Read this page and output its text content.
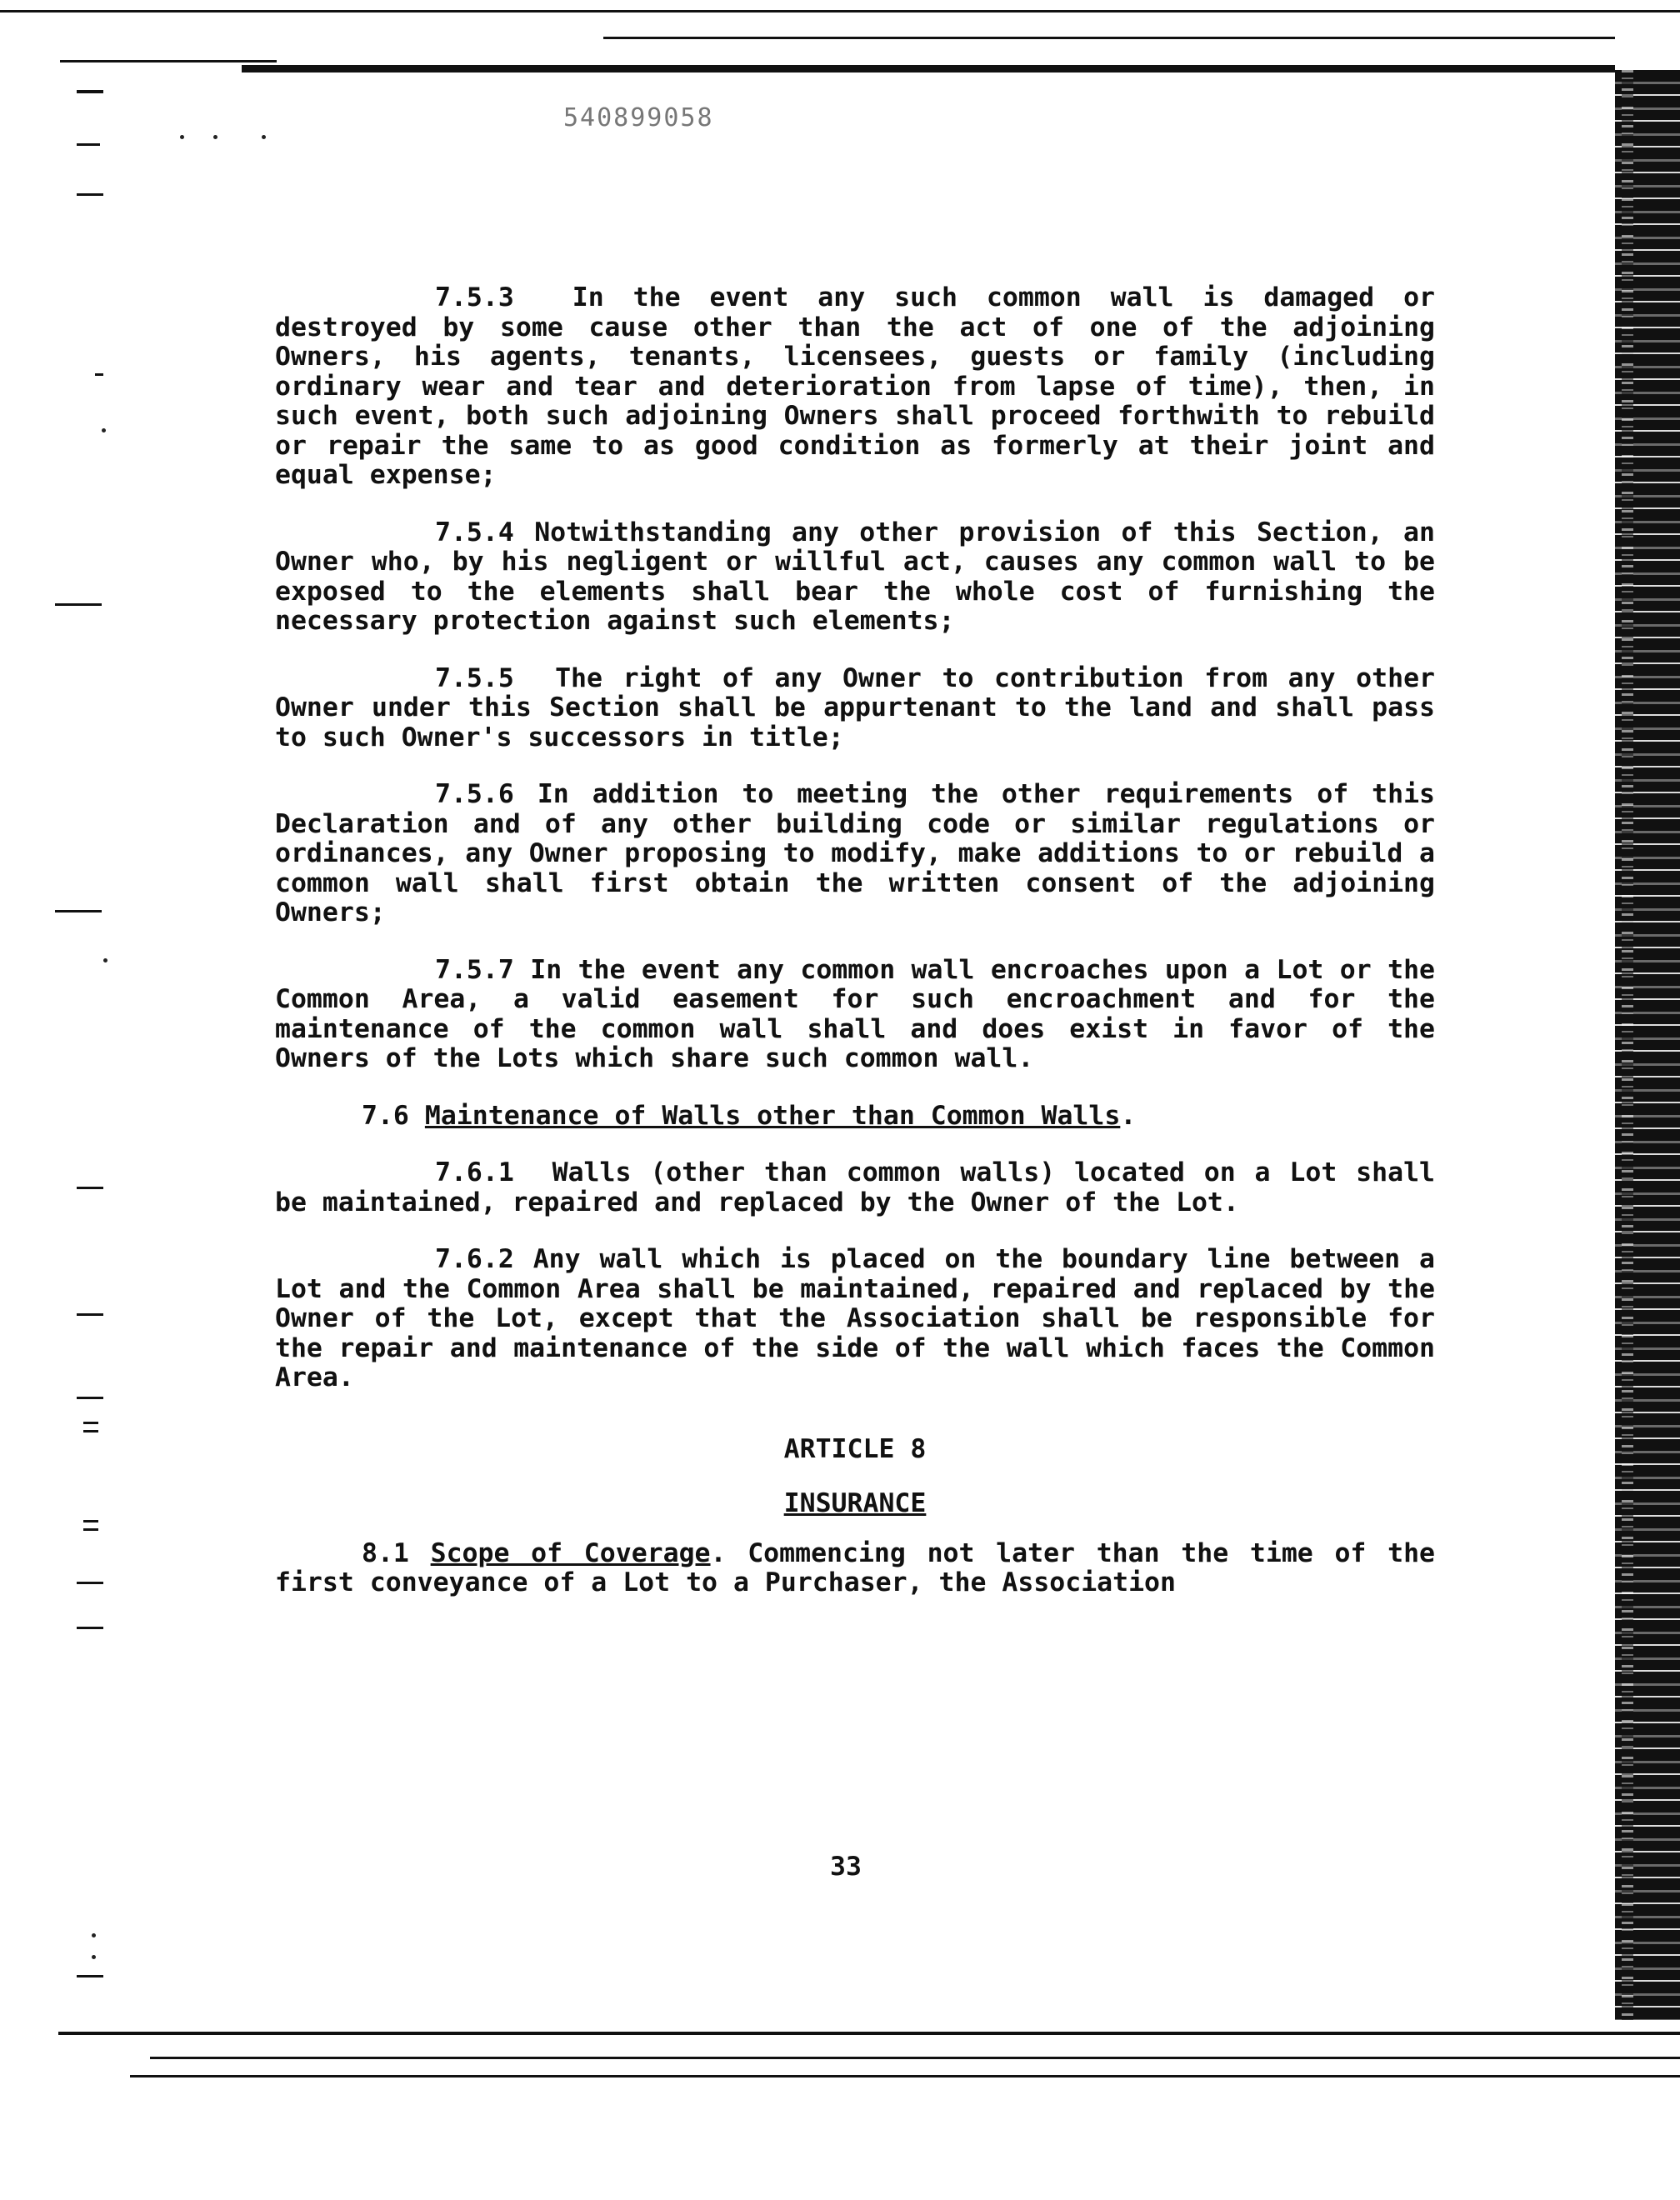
540899058

7.5.3 In the event any such common wall is damaged or destroyed by some cause other than the act of one of the adjoining Owners, his agents, tenants, licensees, guests or family (including ordinary wear and tear and deterioration from lapse of time), then, in such event, both such adjoining Owners shall proceed forthwith to rebuild or repair the same to as good condition as formerly at their joint and equal expense;

7.5.4 Notwithstanding any other provision of this Section, an Owner who, by his negligent or willful act, causes any common wall to be exposed to the elements shall bear the whole cost of furnishing the necessary protection against such elements;

7.5.5 The right of any Owner to contribution from any other Owner under this Section shall be appurtenant to the land and shall pass to such Owner's successors in title;

7.5.6 In addition to meeting the other requirements of this Declaration and of any other building code or similar regulations or ordinances, any Owner proposing to modify, make additions to or rebuild a common wall shall first obtain the written consent of the adjoining Owners;

7.5.7 In the event any common wall encroaches upon a Lot or the Common Area, a valid easement for such encroachment and for the maintenance of the common wall shall and does exist in favor of the Owners of the Lots which share such common wall.

7.6 Maintenance of Walls other than Common Walls.

7.6.1 Walls (other than common walls) located on a Lot shall be maintained, repaired and replaced by the Owner of the Lot.

7.6.2 Any wall which is placed on the boundary line between a Lot and the Common Area shall be maintained, repaired and replaced by the Owner of the Lot, except that the Association shall be responsible for the repair and maintenance of the side of the wall which faces the Common Area.

ARTICLE 8
INSURANCE

8.1 Scope of Coverage. Commencing not later than the time of the first conveyance of a Lot to a Purchaser, the Association

33
